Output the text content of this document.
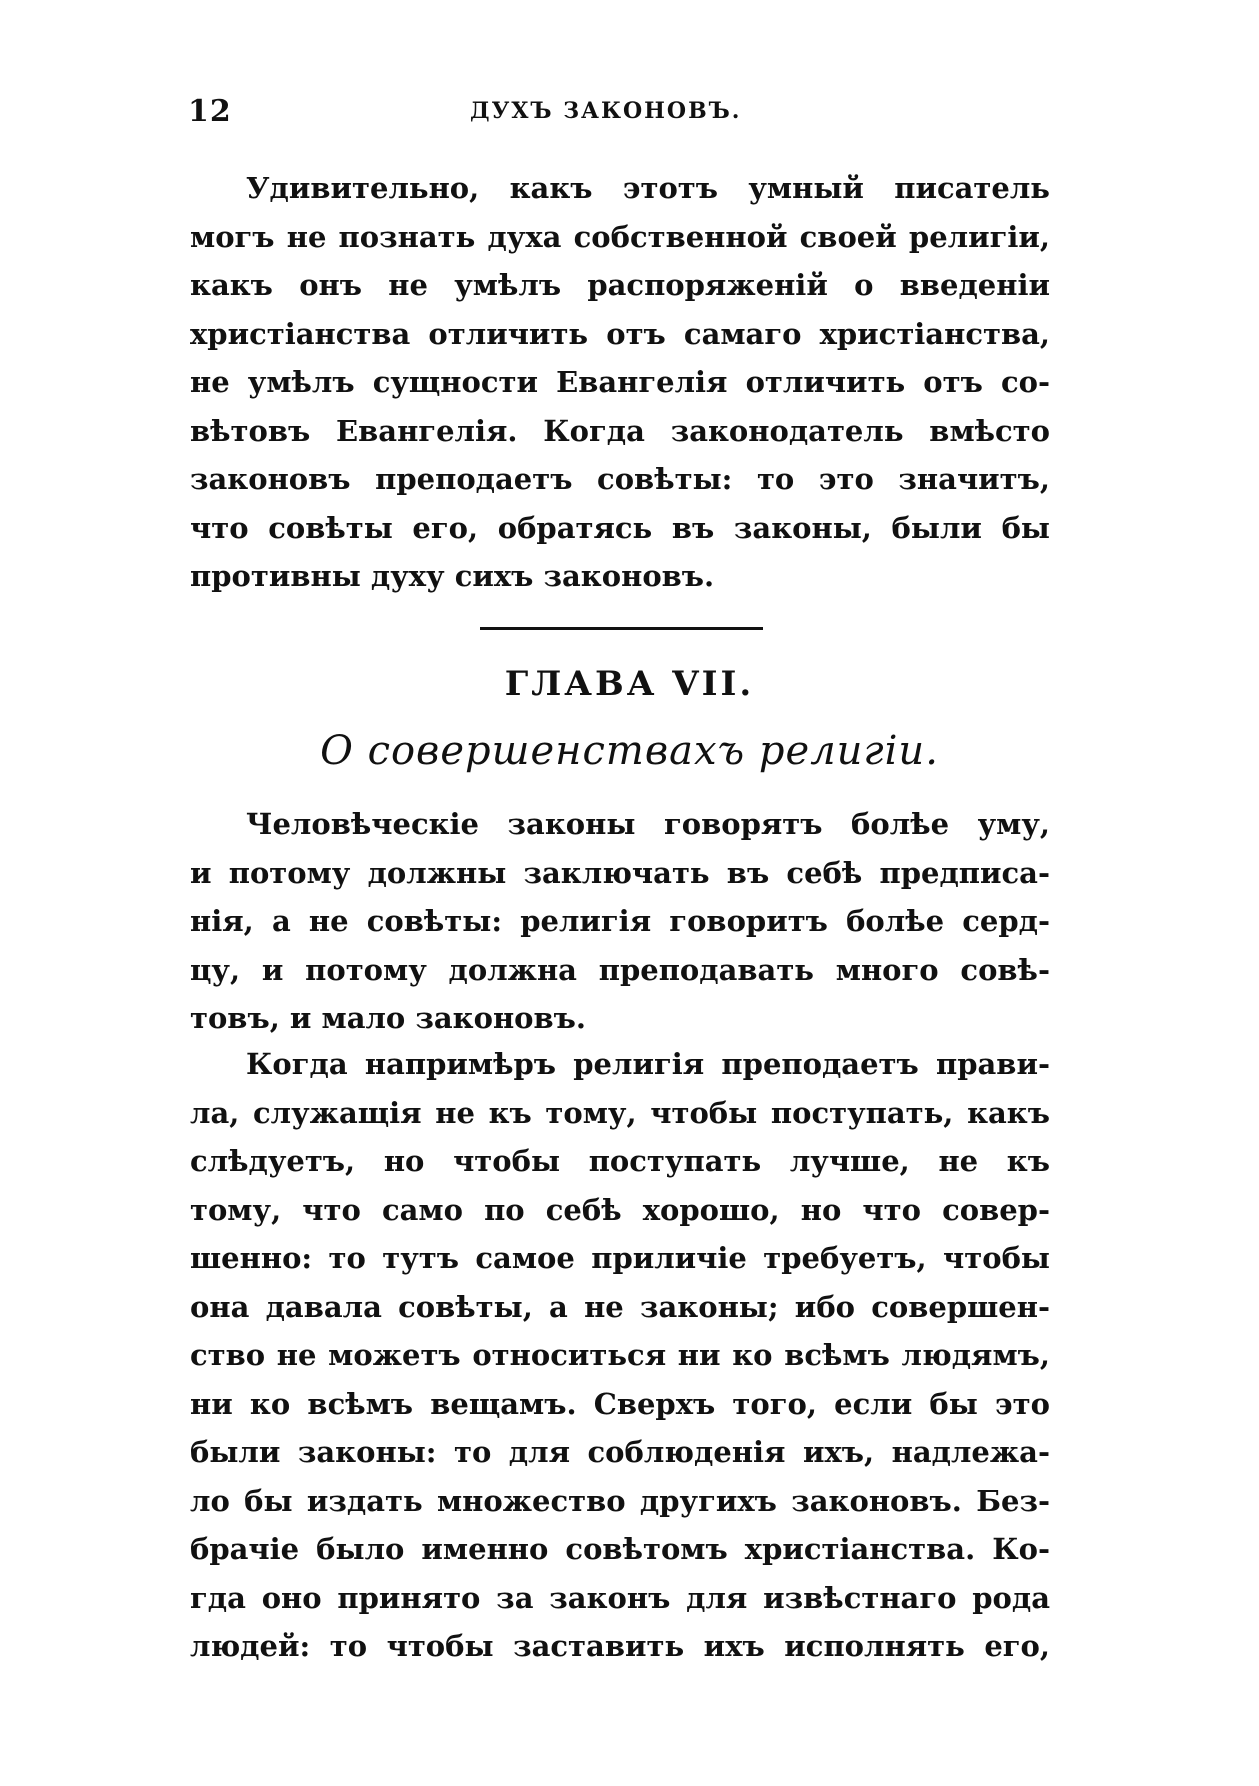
12	ДУХЪ ЗАКОНОВЪ.
Удивительно, какъ этотъ умный писатель
могъ не познать духа собственной своей религіи,
какъ онъ не умѣлъ распоряженій о введеніи
христіанства отличить отъ самаго христіанства,
не умѣлъ сущности Евангелія отличить отъ со-
вѣтовъ Евангелія. Когда законодатель вмѣсто
законовъ преподаетъ совѣты: то это значитъ,
что совѣты его, обратясь въ законы, были бы
противны духу сихъ законовъ.
ГЛАВА VII.
О совершенствахъ религіи.
Человѣческіе законы говорятъ болѣе уму,
и потому должны заключать въ себѣ предписа-
нія, а не совѣты: религія говоритъ болѣе серд-
цу, и потому должна преподавать много совѣ-
товъ, и мало законовъ.
Когда напримѣръ религія преподаетъ прави-
ла, служащія не къ тому, чтобы поступать, какъ
слѣдуетъ, но чтобы поступать лучше, не къ
тому, что само по себѣ хорошо, но что совер-
шенно: то тутъ самое приличіе требуетъ, чтобы
она давала совѣты, а не законы; ибо совершен-
ство не можетъ относиться ни ко всѣмъ людямъ,
ни ко всѣмъ вещамъ. Сверхъ того, если бы это
были законы: то для соблюденія ихъ, надлежа-
ло бы издать множество другихъ законовъ. Без-
брачіе было именно совѣтомъ христіанства. Ко-
гда оно принято за законъ для извѣстнаго рода
людей: то чтобы заставить ихъ исполнять его,
